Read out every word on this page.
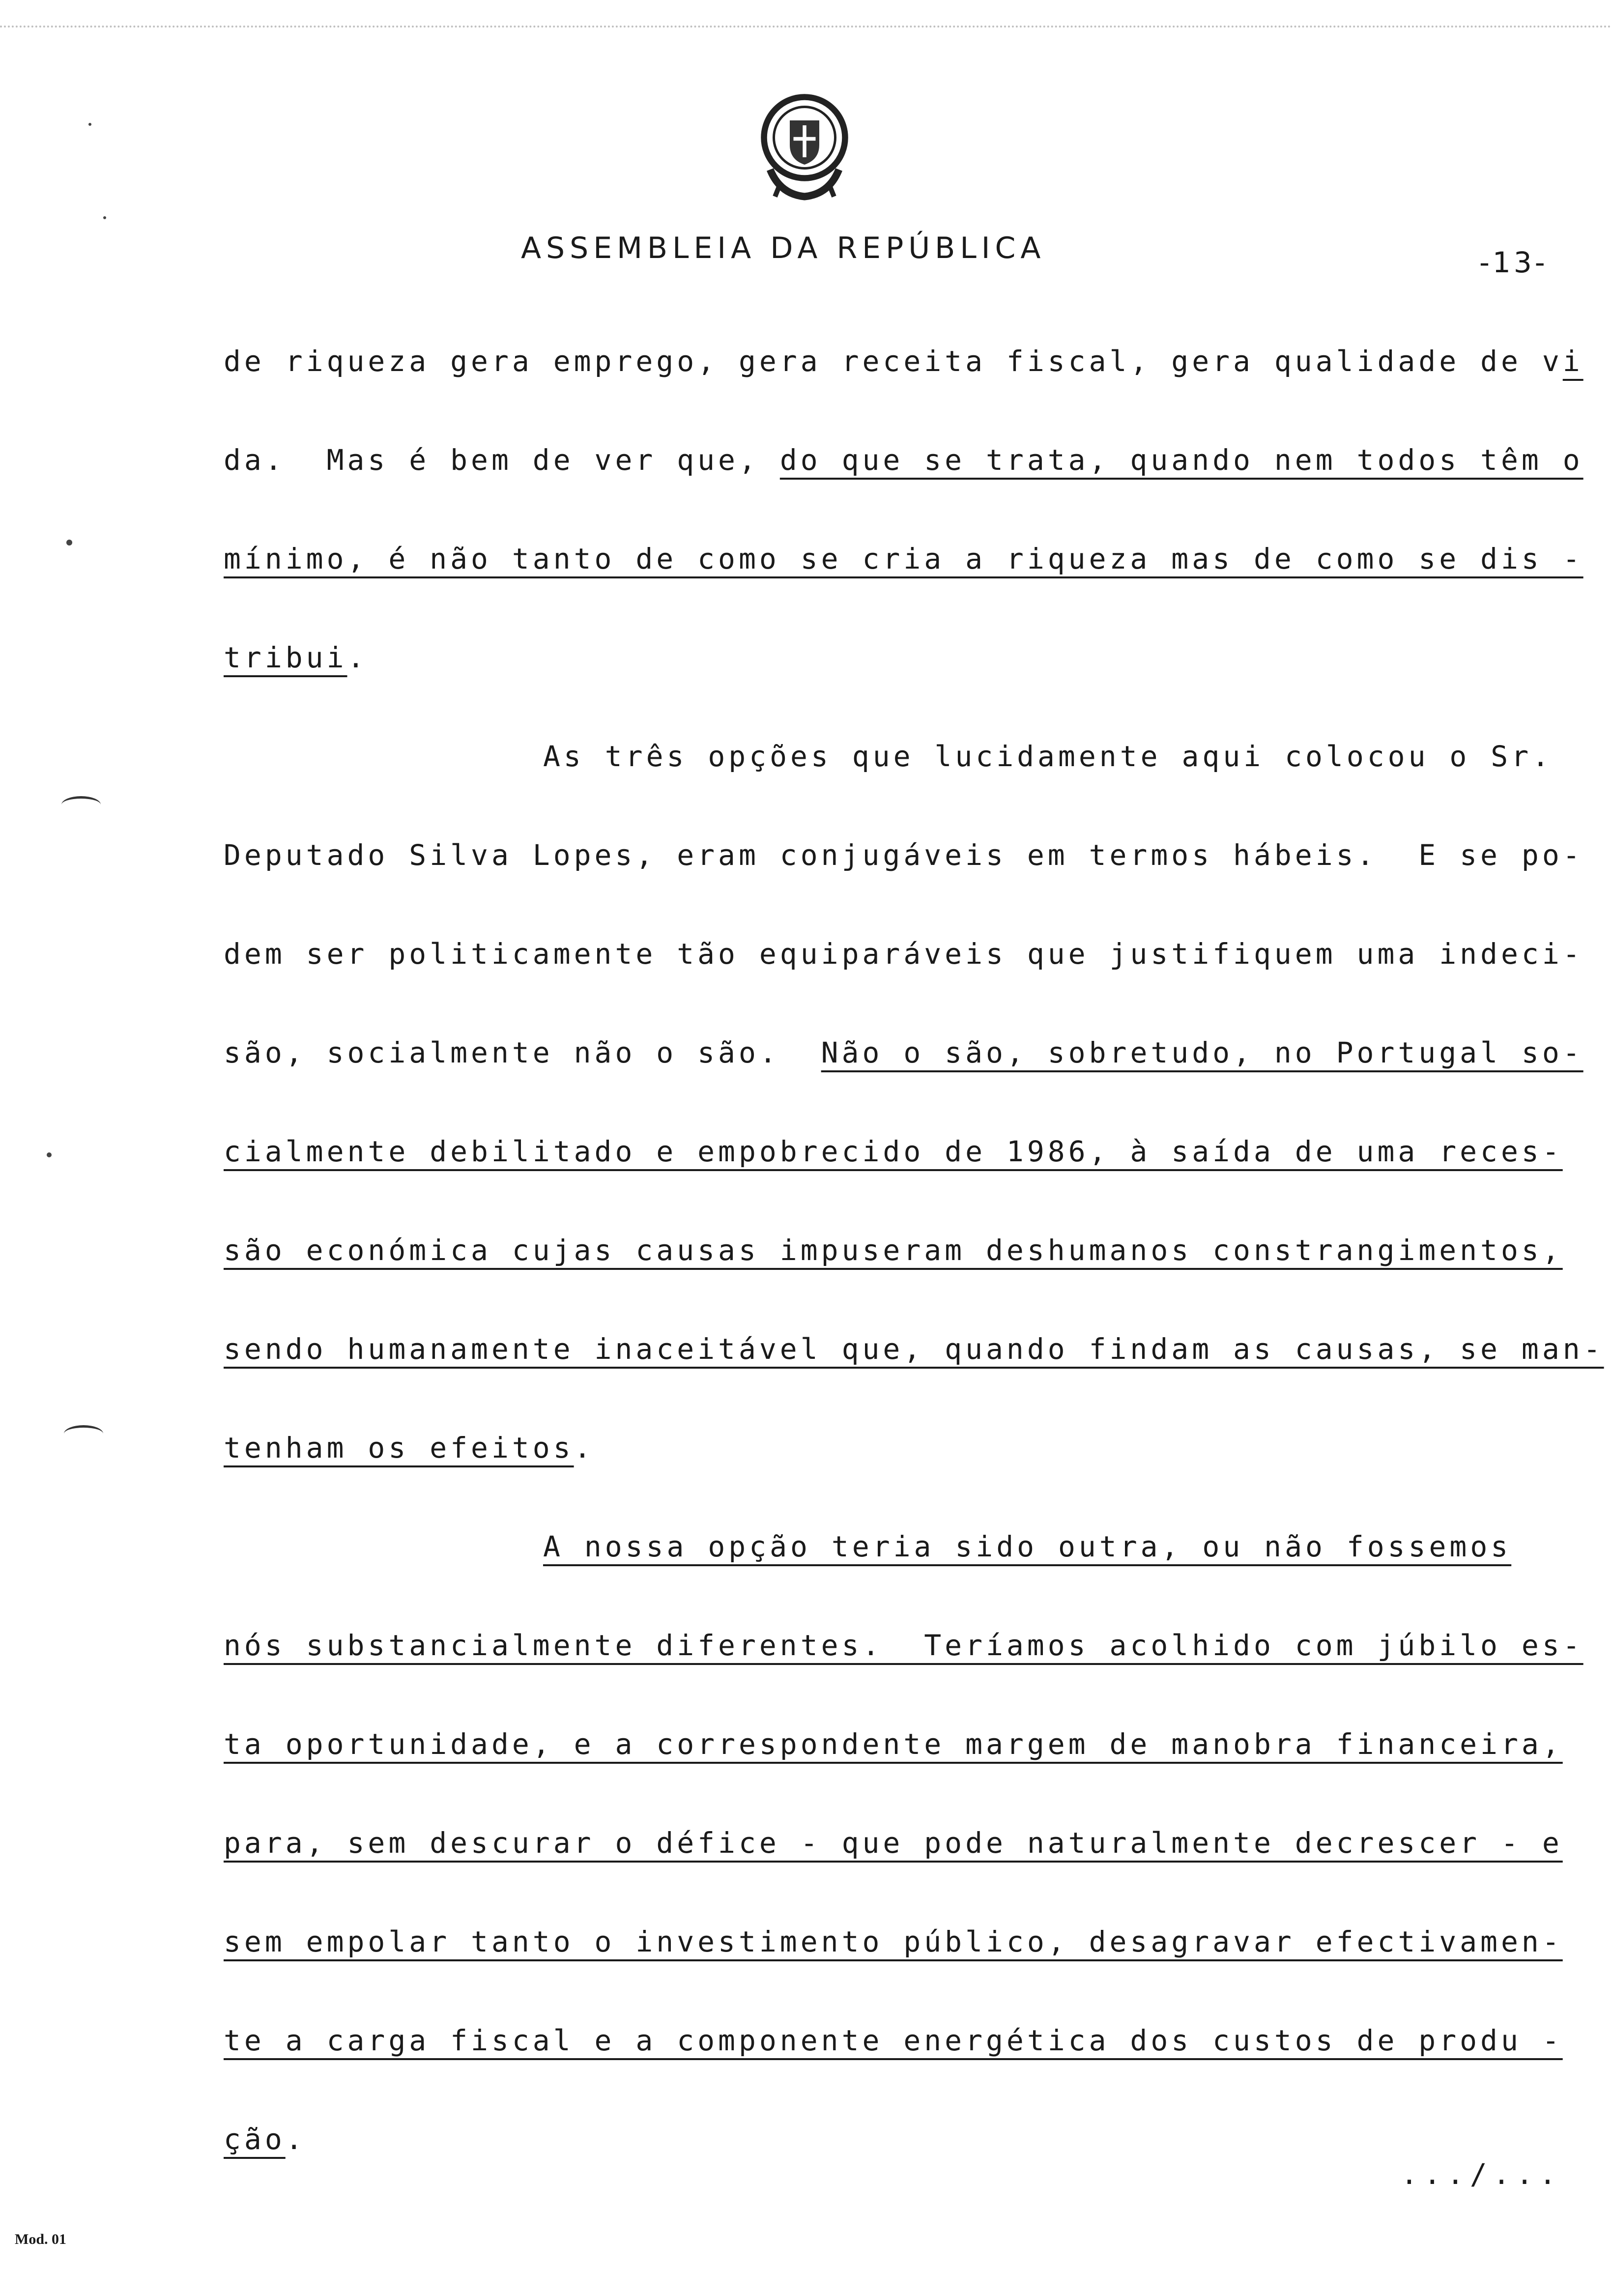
ASSEMBLEIA DA REPÚBLICA	-13-
de riqueza gera emprego, gera receita fiscal, gera qualidade de vi
da.  Mas é bem de ver que, do que se trata, quando nem todos têm o
mínimo, é não tanto de como se cria a riqueza mas de como se dis -
tribui.
As três opções que lucidamente aqui colocou o Sr.
Deputado Silva Lopes, eram conjugáveis em termos hábeis.  E se po-
dem ser politicamente tão equiparáveis que justifiquem uma indeci-
são, socialmente não o são.  Não o são, sobretudo, no Portugal so-
cialmente debilitado e empobrecido de 1986, à saída de uma reces-
são económica cujas causas impuseram deshumanos constrangimentos,
sendo humanamente inaceitável que, quando findam as causas, se man-
tenham os efeitos.
A nossa opção teria sido outra, ou não fossemos
nós substancialmente diferentes.  Teríamos acolhido com júbilo es-
ta oportunidade, e a correspondente margem de manobra financeira,
para, sem descurar o défice - que pode naturalmente decrescer - e
sem empolar tanto o investimento público, desagravar efectivamen-
te a carga fiscal e a componente energética dos custos de produ -
ção.
.../...
Mod. 01
